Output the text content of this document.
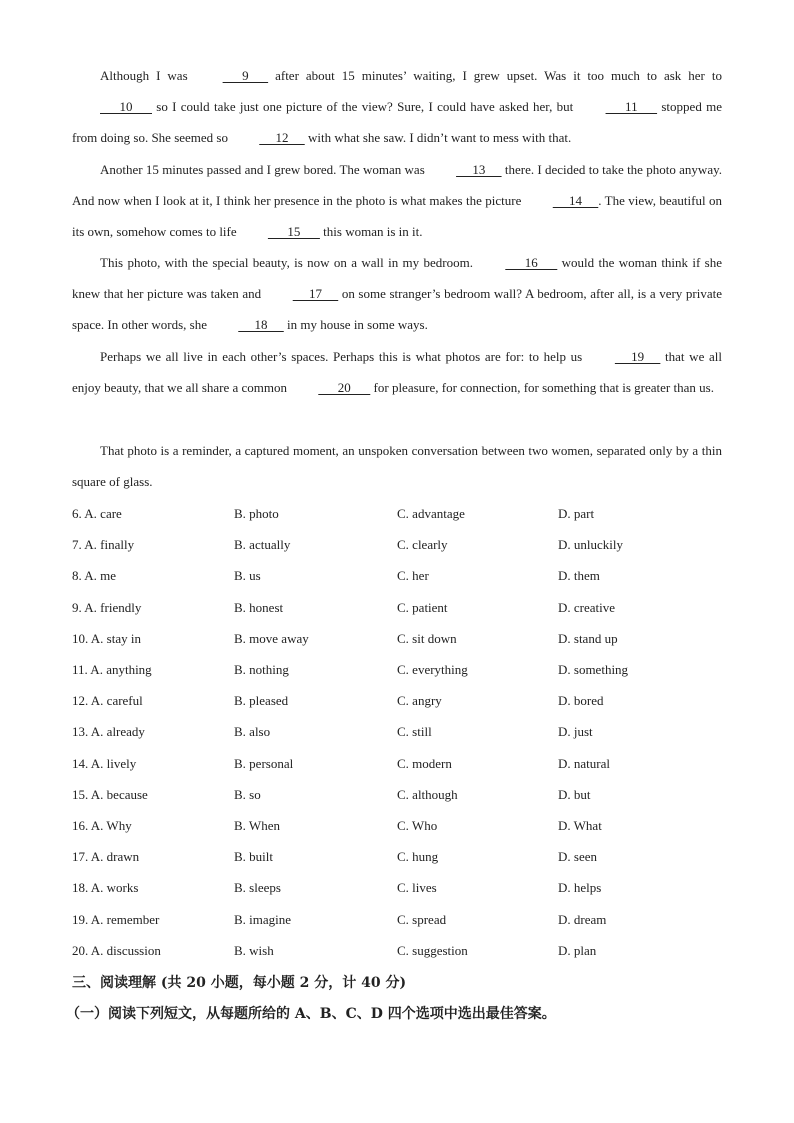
Although I was       9       after about 15 minutes’ waiting, I grew upset. Was it too much to ask her to       10       so I could take just one picture of the view? Sure, I could have asked her, but       11       stopped me from doing so. She seemed so      12      with what she saw. I didn’t want to mess with that.

Another 15 minutes passed and I grew bored. The woman was      13      there. I decided to take the photo anyway. And now when I look at it, I think her presence in the photo is what makes the picture      14     . The view, beautiful on its own, somehow comes to life       15       this woman is in it.

This photo, with the special beauty, is now on a wall in my bedroom.       16       would the woman think if she knew that her picture was taken and      17      on some stranger’s bedroom wall? A bedroom, after all, is a very private space. In other words, she      18      in my house in some ways.

Perhaps we all live in each other’s spaces. Perhaps this is what photos are for: to help us      19      that we all enjoy beauty, that we all share a common       20       for pleasure, for connection, for something that is greater than us.

That photo is a reminder, a captured moment, an unspoken conversation between two women, separated only by a thin square of glass.

6. A. care	B. photo	C. advantage	D. part
7. A. finally	B. actually	C. clearly	D. unluckily
8. A. me	B. us	C. her	D. them
9. A. friendly	B. honest	C. patient	D. creative
10. A. stay in	B. move away	C. sit down	D. stand up
11. A. anything	B. nothing	C. everything	D. something
12. A. careful	B. pleased	C. angry	D. bored
13. A. already	B. also	C. still	D. just
14. A. lively	B. personal	C. modern	D. natural
15. A. because	B. so	C. although	D. but
16. A. Why	B. When	C. Who	D. What
17. A. drawn	B. built	C. hung	D. seen
18. A. works	B. sleeps	C. lives	D. helps
19. A. remember	B. imagine	C. spread	D. dream
20. A. discussion	B. wish	C. suggestion	D. plan
三、阅读理解 (共 20 小题，每小题 2 分，计 40 分)
（一）阅读下列短文，从每题所给的 A、B、C、D 四个选项中选出最佳答案。
